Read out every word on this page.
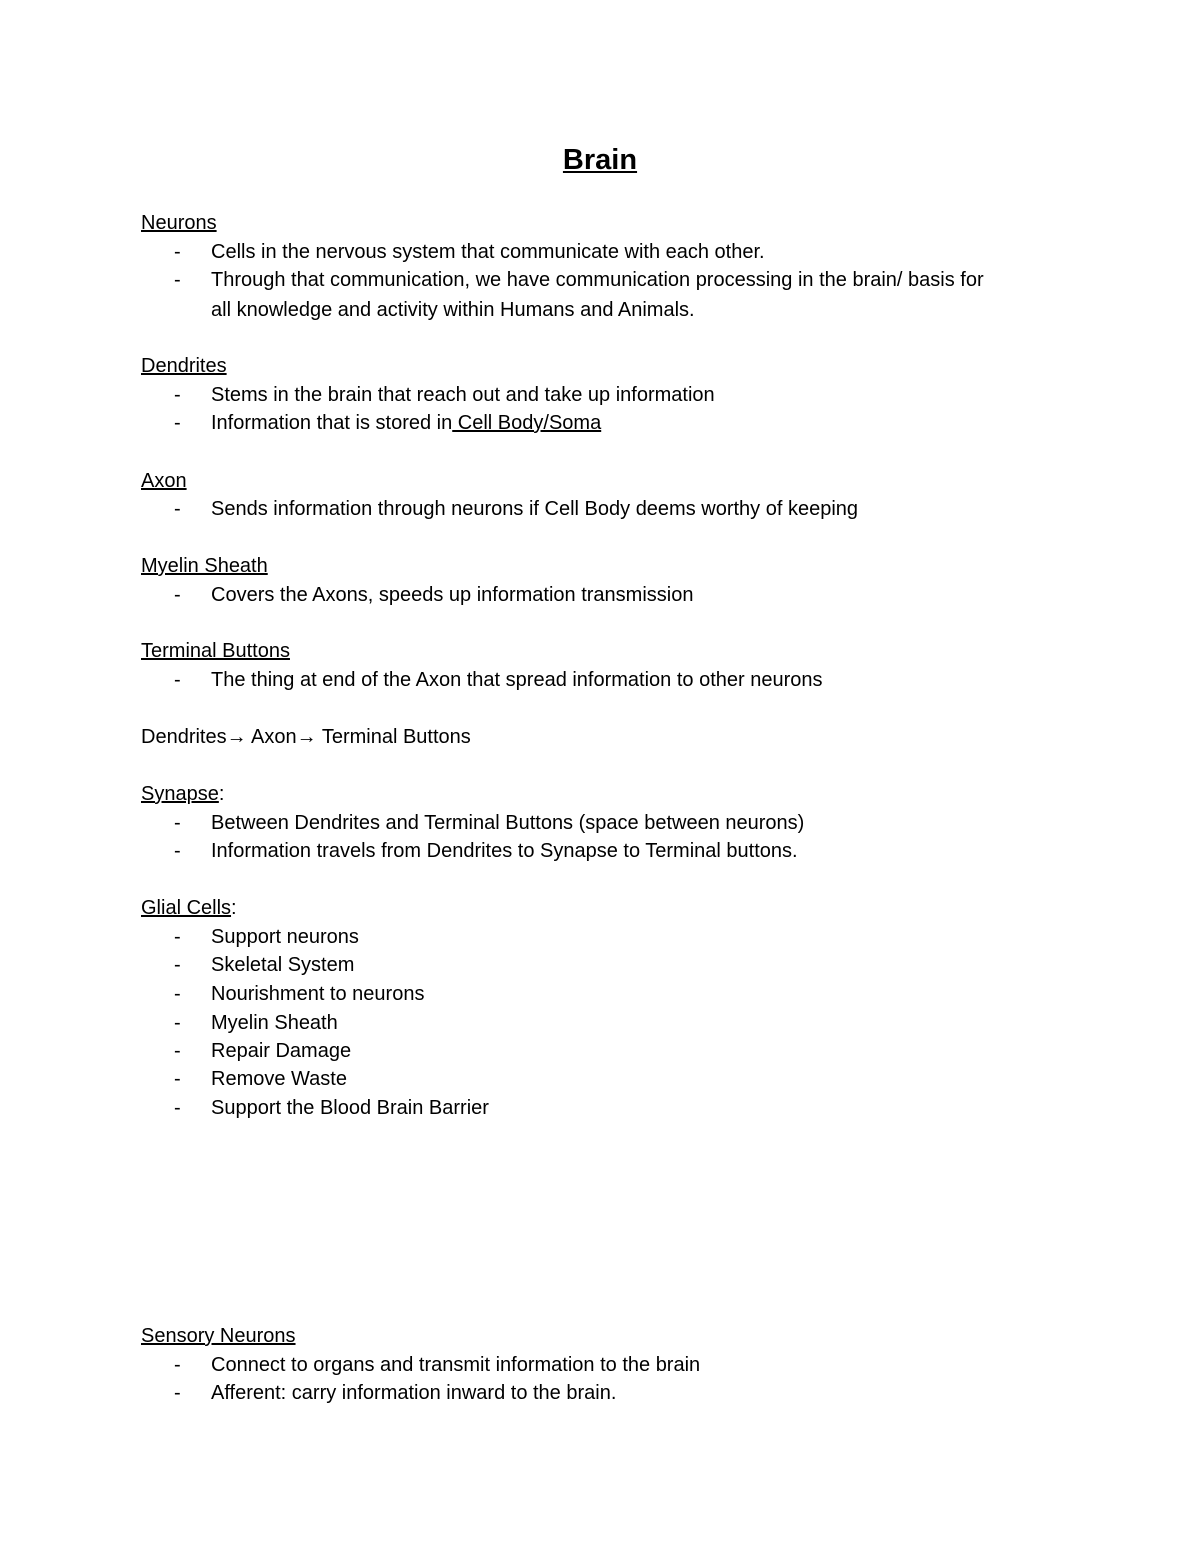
Brain

Neurons

- Cells in the nervous system that communicate with each other.

- Through that communication, we have communication processing in the brain/ basis for

all knowledge and activity within Humans and Animals.

Dendrites

- Stems in the brain that reach out and take up information

- Information that is stored in Cell Body/Soma

Axon

- Sends information through neurons if Cell Body deems worthy of keeping

Myelin Sheath

- Covers the Axons, speeds up information transmission

Terminal Buttons

- The thing at end of the Axon that spread information to other neurons

Dendrites→ Axon→ Terminal Buttons

Synapse:

- Between Dendrites and Terminal Buttons (space between neurons)

- Information travels from Dendrites to Synapse to Terminal buttons.

Glial Cells:

- Support neurons

- Skeletal System

- Nourishment to neurons

- Myelin Sheath

- Repair Damage

- Remove Waste

- Support the Blood Brain Barrier

Sensory Neurons

- Connect to organs and transmit information to the brain

- Afferent: carry information inward to the brain.
